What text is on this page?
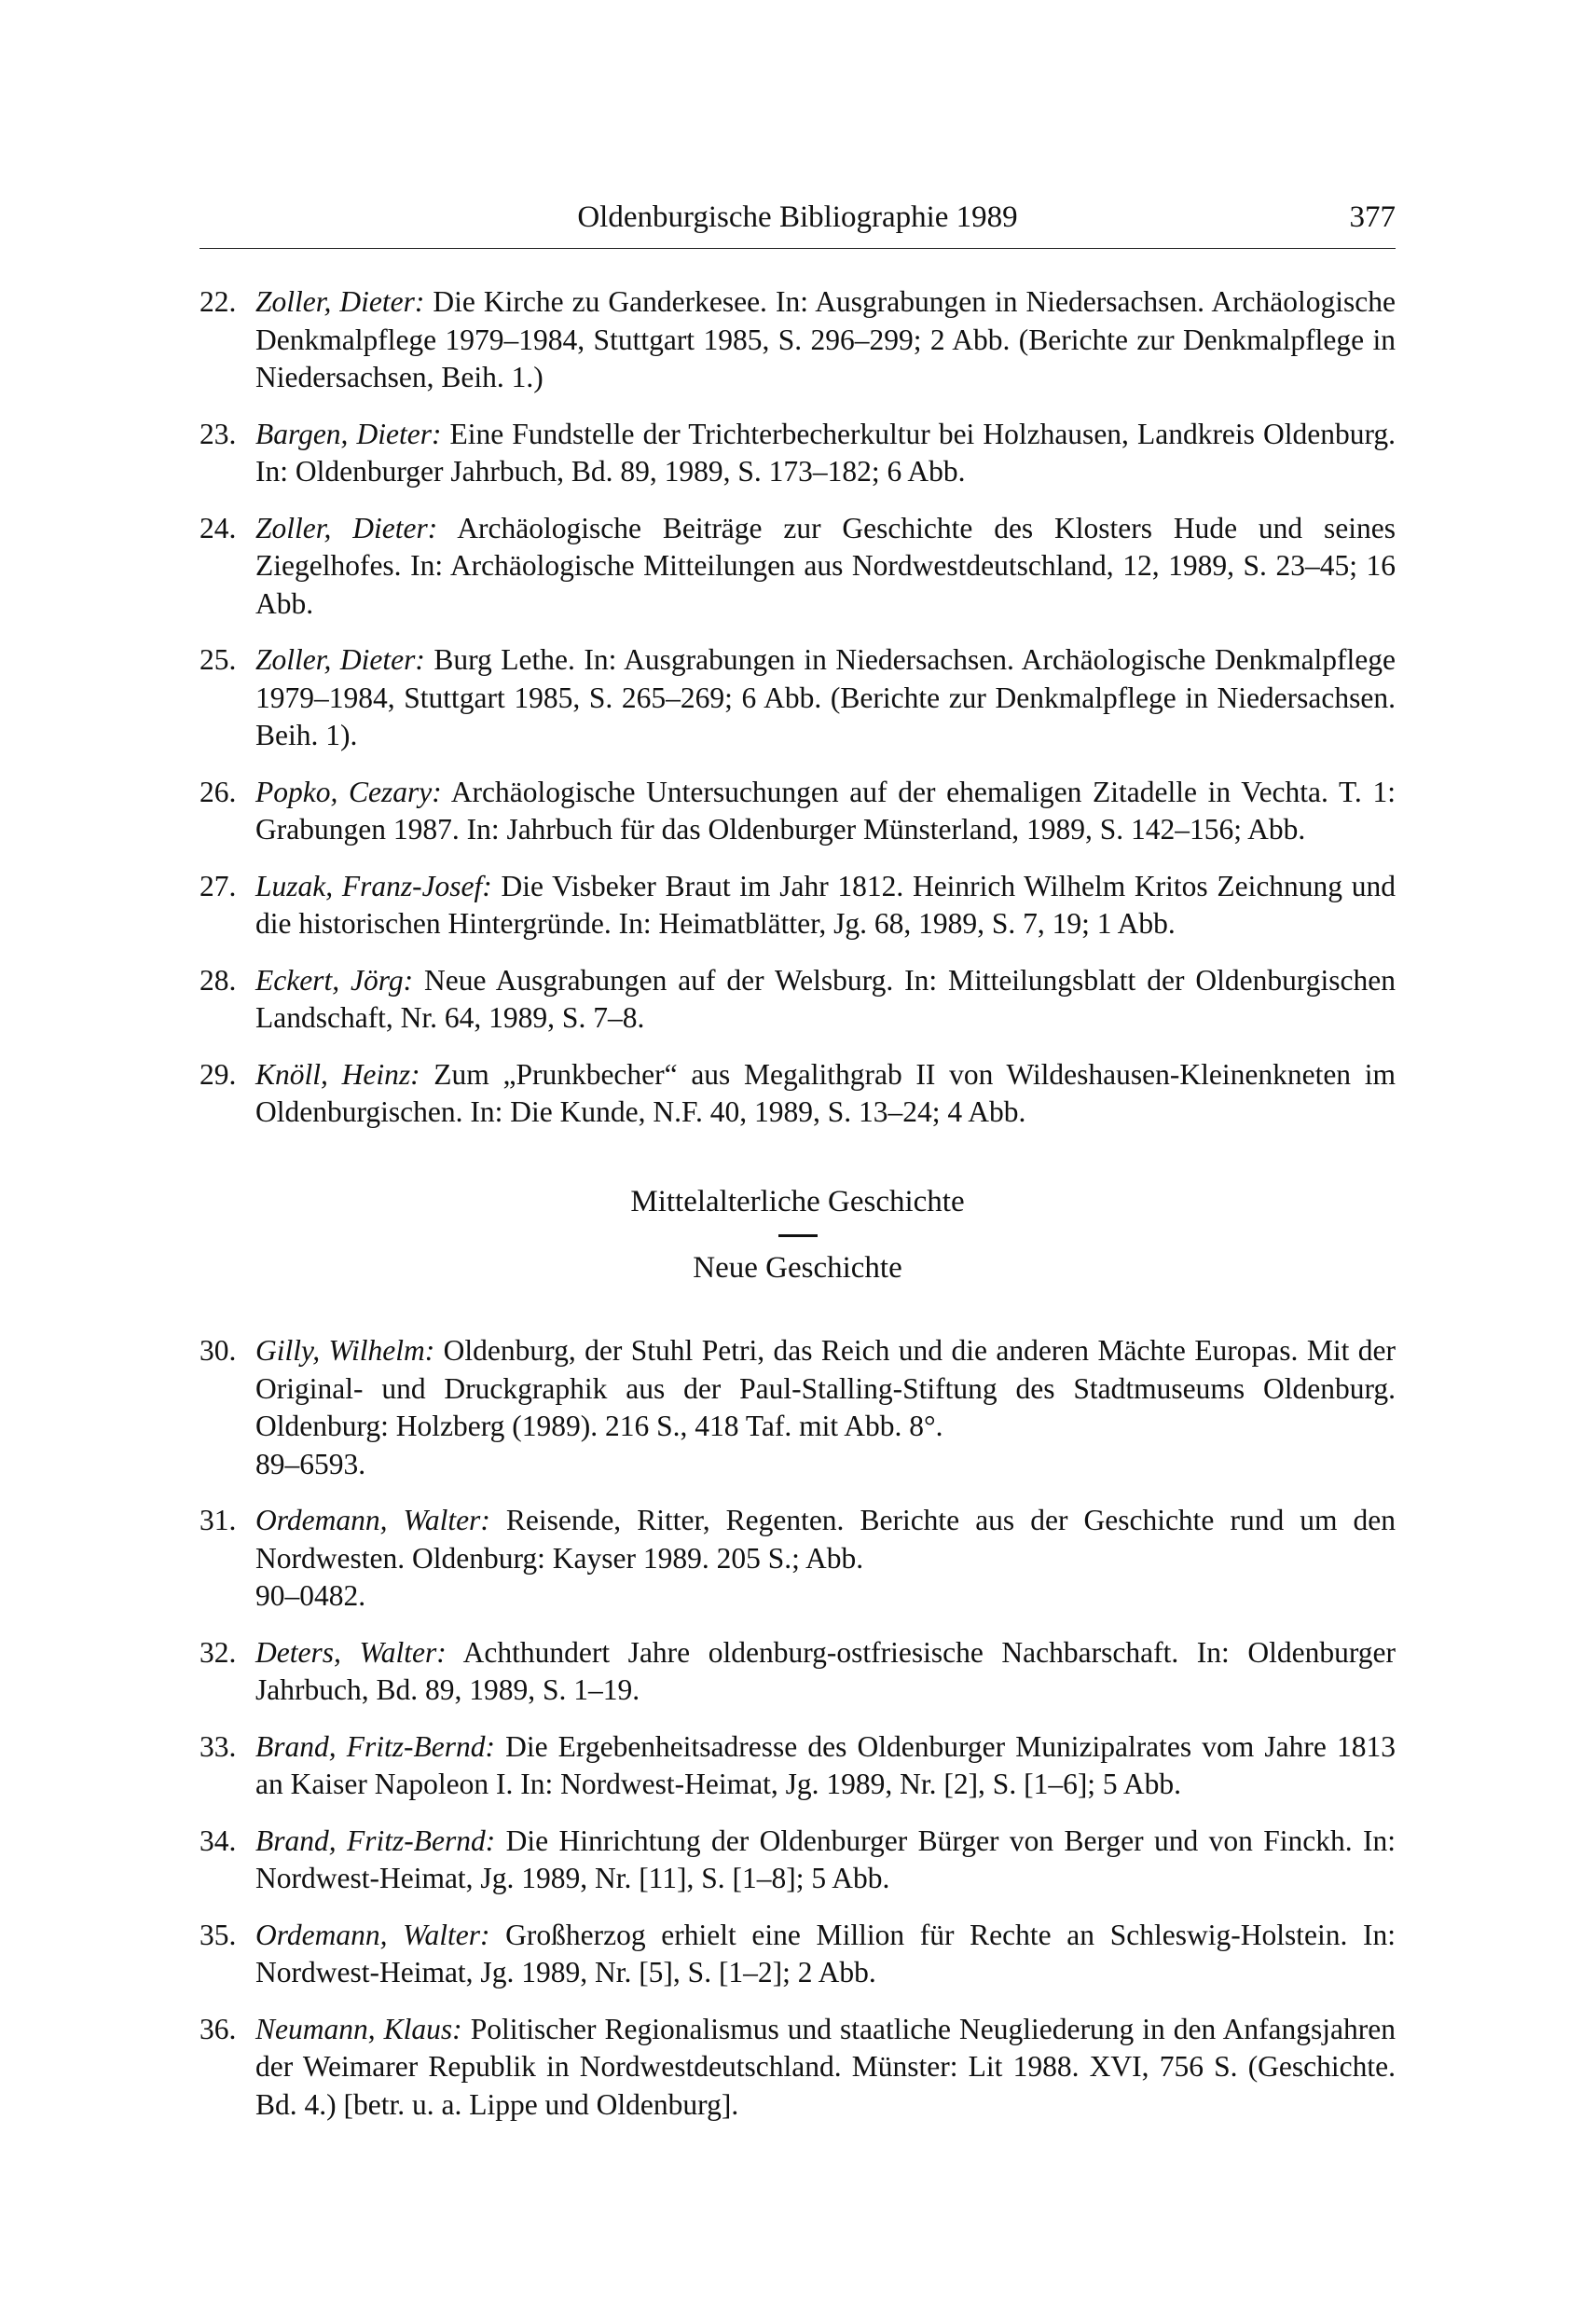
Oldenburgische Bibliographie 1989	377
22. Zoller, Dieter: Die Kirche zu Ganderkesee. In: Ausgrabungen in Niedersachsen. Archäologische Denkmalpflege 1979–1984, Stuttgart 1985, S. 296–299; 2 Abb. (Berichte zur Denkmalpflege in Niedersachsen, Beih. 1.)
23. Bargen, Dieter: Eine Fundstelle der Trichterbecherkultur bei Holzhausen, Landkreis Oldenburg. In: Oldenburger Jahrbuch, Bd. 89, 1989, S. 173–182; 6 Abb.
24. Zoller, Dieter: Archäologische Beiträge zur Geschichte des Klosters Hude und seines Ziegelhofes. In: Archäologische Mitteilungen aus Nordwestdeutschland, 12, 1989, S. 23–45; 16 Abb.
25. Zoller, Dieter: Burg Lethe. In: Ausgrabungen in Niedersachsen. Archäologische Denkmalpflege 1979–1984, Stuttgart 1985, S. 265–269; 6 Abb. (Berichte zur Denkmalpflege in Niedersachsen. Beih. 1).
26. Popko, Cezary: Archäologische Untersuchungen auf der ehemaligen Zitadelle in Vechta. T. 1: Grabungen 1987. In: Jahrbuch für das Oldenburger Münsterland, 1989, S. 142–156; Abb.
27. Luzak, Franz-Josef: Die Visbeker Braut im Jahr 1812. Heinrich Wilhelm Kritos Zeichnung und die historischen Hintergründe. In: Heimatblätter, Jg. 68, 1989, S. 7, 19; 1 Abb.
28. Eckert, Jörg: Neue Ausgrabungen auf der Welsburg. In: Mitteilungsblatt der Oldenburgischen Landschaft, Nr. 64, 1989, S. 7–8.
29. Knöll, Heinz: Zum „Prunkbecher“ aus Megalithgrab II von Wildeshausen-Kleinenkneten im Oldenburgischen. In: Die Kunde, N.F. 40, 1989, S. 13–24; 4 Abb.
Mittelalterliche Geschichte
Neue Geschichte
30. Gilly, Wilhelm: Oldenburg, der Stuhl Petri, das Reich und die anderen Mächte Europas. Mit der Original- und Druckgraphik aus der Paul-Stalling-Stiftung des Stadtmuseums Oldenburg. Oldenburg: Holzberg (1989). 216 S., 418 Taf. mit Abb. 8°.
89–6593.
31. Ordemann, Walter: Reisende, Ritter, Regenten. Berichte aus der Geschichte rund um den Nordwesten. Oldenburg: Kayser 1989. 205 S.; Abb.
90–0482.
32. Deters, Walter: Achthundert Jahre oldenburg-ostfriesische Nachbarschaft. In: Oldenburger Jahrbuch, Bd. 89, 1989, S. 1–19.
33. Brand, Fritz-Bernd: Die Ergebenheitsadresse des Oldenburger Munizipalrates vom Jahre 1813 an Kaiser Napoleon I. In: Nordwest-Heimat, Jg. 1989, Nr. [2], S. [1–6]; 5 Abb.
34. Brand, Fritz-Bernd: Die Hinrichtung der Oldenburger Bürger von Berger und von Finckh. In: Nordwest-Heimat, Jg. 1989, Nr. [11], S. [1–8]; 5 Abb.
35. Ordemann, Walter: Großherzog erhielt eine Million für Rechte an Schleswig-Holstein. In: Nordwest-Heimat, Jg. 1989, Nr. [5], S. [1–2]; 2 Abb.
36. Neumann, Klaus: Politischer Regionalismus und staatliche Neugliederung in den Anfangsjahren der Weimarer Republik in Nordwestdeutschland. Münster: Lit 1988. XVI, 756 S. (Geschichte. Bd. 4.) [betr. u. a. Lippe und Oldenburg].
